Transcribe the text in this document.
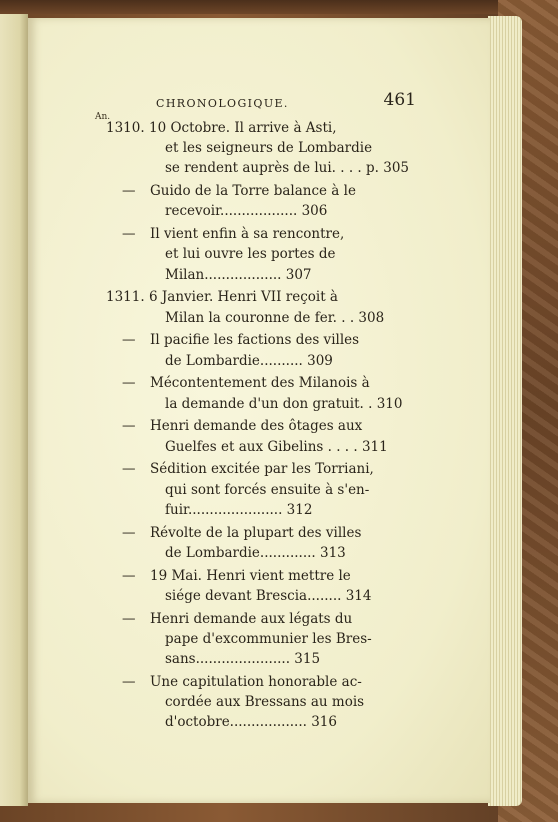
CHRONOLOGIQUE.	461
An.
1310. 10 Octobre. Il arrive à Asti,
et les seigneurs de Lombardie
se rendent auprès de lui. . . . p. 305
— Guido de la Torre balance à le
recevoir.................. 306
— Il vient enfin à sa rencontre,
et lui ouvre les portes de
Milan.................. 307
1311. 6 Janvier. Henri VII reçoit à
Milan la couronne de fer. . . 308
— Il pacifie les factions des villes
de Lombardie.......... 309
— Mécontentement des Milanois à
la demande d'un don gratuit. . 310
— Henri demande des ôtages aux
Guelfes et aux Gibelins . . . . 311
— Sédition excitée par les Torriani,
qui sont forcés ensuite à s'en-
fuir...................... 312
— Révolte de la plupart des villes
de Lombardie............. 313
— 19 Mai. Henri vient mettre le
siége devant Brescia........ 314
— Henri demande aux légats du
pape d'excommunier les Bres-
sans...................... 315
— Une capitulation honorable ac-
cordée aux Bressans au mois
d'octobre.................. 316
